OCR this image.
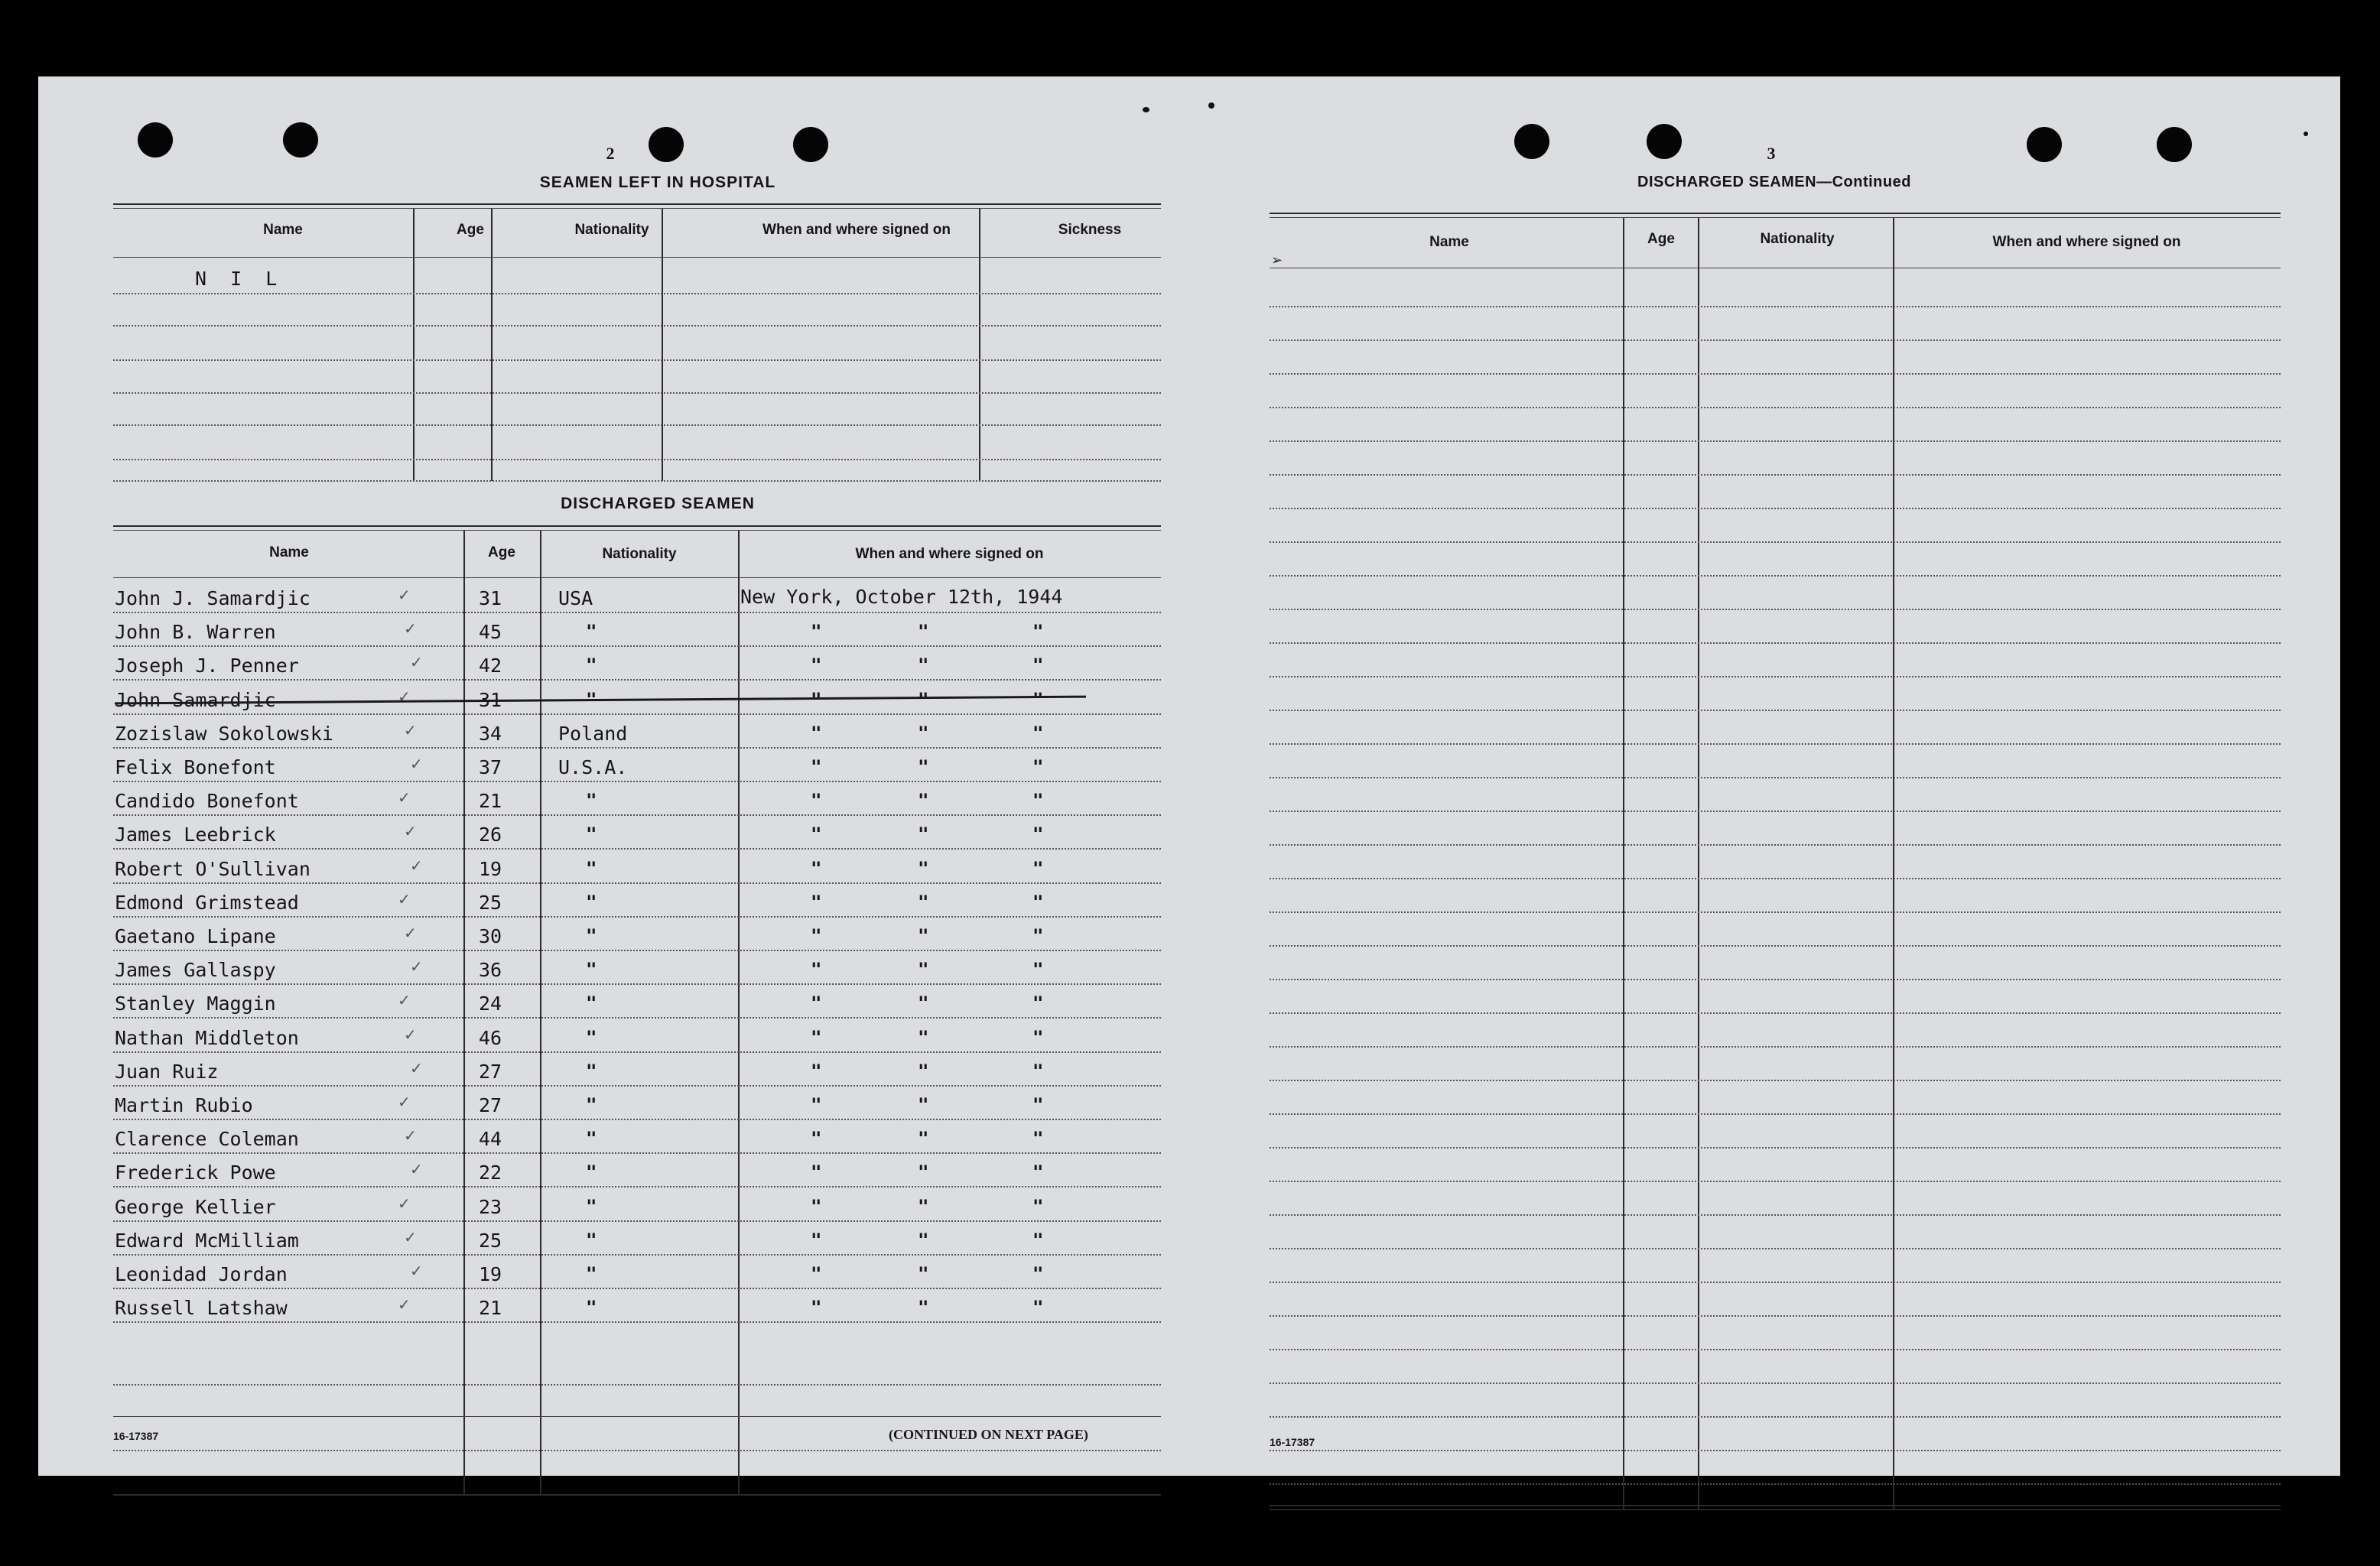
2
SEAMEN LEFT IN HOSPITAL
Name	Age	Nationality	When and where signed on	Sickness
N I L
DISCHARGED SEAMEN
Name	Age	Nationality	When and where signed on
John J. Samardjic	✓	31	USA	New York, October 12th, 1944
John B. Warren	✓	45	"	"	"	"
Joseph J. Penner	✓	42	"	"	"	"
John Samardjic	✓	31	"	"	"	"
Zozislaw Sokolowski	✓	34	Poland	"	"	"
Felix Bonefont	✓	37	U.S.A.	"	"	"
Candido Bonefont	✓	21	"	"	"	"
James Leebrick	✓	26	"	"	"	"
Robert O'Sullivan	✓	19	"	"	"	"
Edmond Grimstead	✓	25	"	"	"	"
Gaetano Lipane	✓	30	"	"	"	"
James Gallaspy	✓	36	"	"	"	"
Stanley Maggin	✓	24	"	"	"	"
Nathan Middleton	✓	46	"	"	"	"
Juan Ruiz	✓	27	"	"	"	"
Martin Rubio	✓	27	"	"	"	"
Clarence Coleman	✓	44	"	"	"	"
Frederick Powe	✓	22	"	"	"	"
George Kellier	✓	23	"	"	"	"
Edward McMilliam	✓	25	"	"	"	"
Leonidad Jordan	✓	19	"	"	"	"
Russell Latshaw	✓	21	"	"	"	"
16-17387	(CONTINUED ON NEXT PAGE)
3
DISCHARGED SEAMEN—Continued
Name	Age	Nationality	When and where signed on
➢
16-17387
